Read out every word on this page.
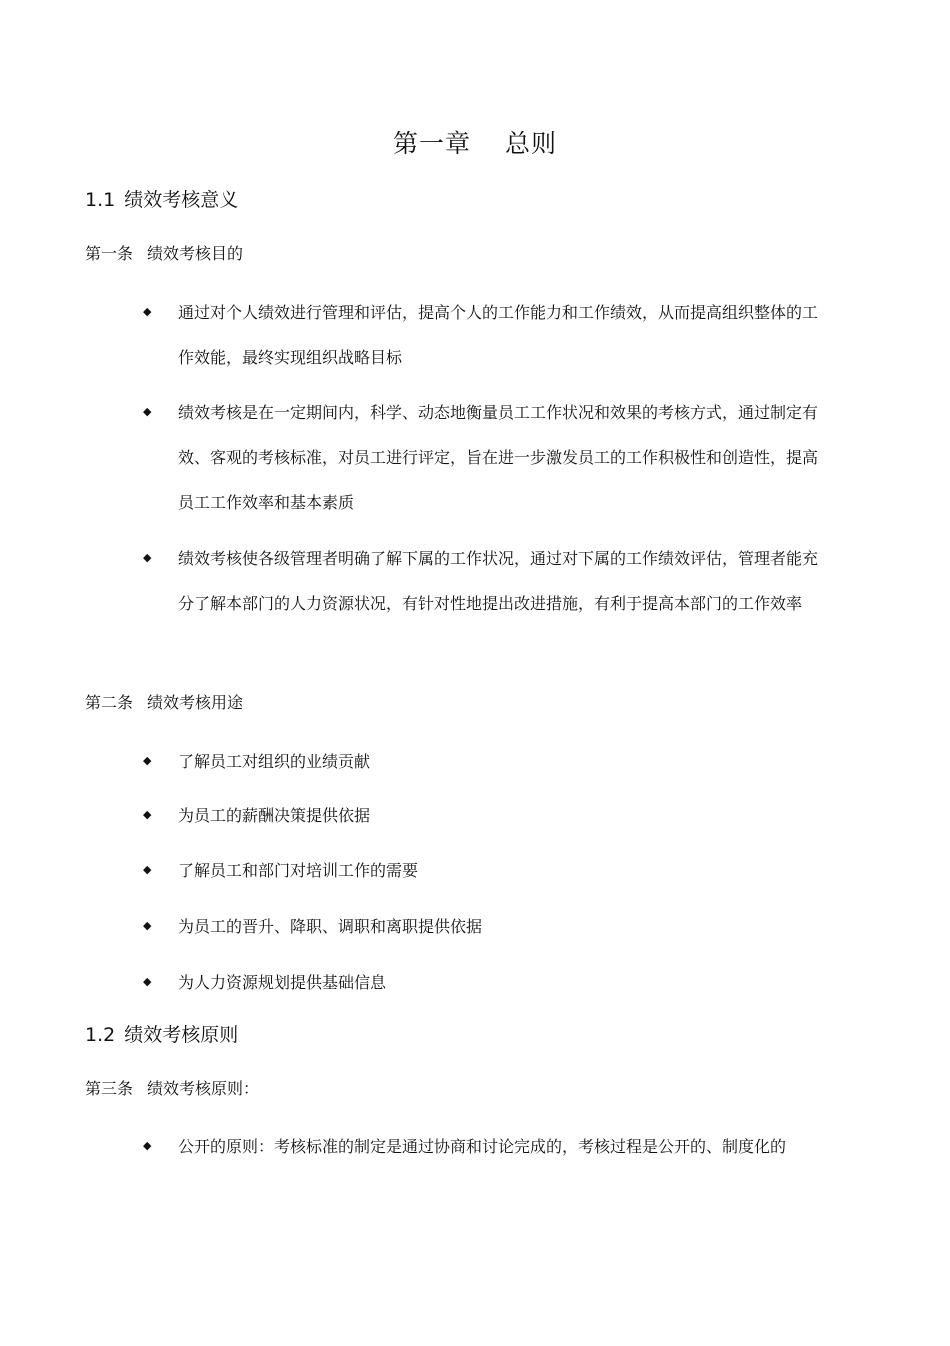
第一章 总则
1.1 绩效考核意义
第一条 绩效考核目的
◆ 通过对个人绩效进行管理和评估，提高个人的工作能力和工作绩效，从而提高组织整体的工作效能，最终实现组织战略目标
◆ 绩效考核是在一定期间内，科学、动态地衡量员工工作状况和效果的考核方式，通过制定有效、客观的考核标准，对员工进行评定，旨在进一步激发员工的工作积极性和创造性，提高员工工作效率和基本素质
◆ 绩效考核使各级管理者明确了解下属的工作状况，通过对下属的工作绩效评估，管理者能充分了解本部门的人力资源状况，有针对性地提出改进措施，有利于提高本部门的工作效率
第二条 绩效考核用途
◆ 了解员工对组织的业绩贡献
◆ 为员工的薪酬决策提供依据
◆ 了解员工和部门对培训工作的需要
◆ 为员工的晋升、降职、调职和离职提供依据
◆ 为人力资源规划提供基础信息
1.2 绩效考核原则
第三条 绩效考核原则：
◆ 公开的原则：考核标准的制定是通过协商和讨论完成的，考核过程是公开的、制度化的
